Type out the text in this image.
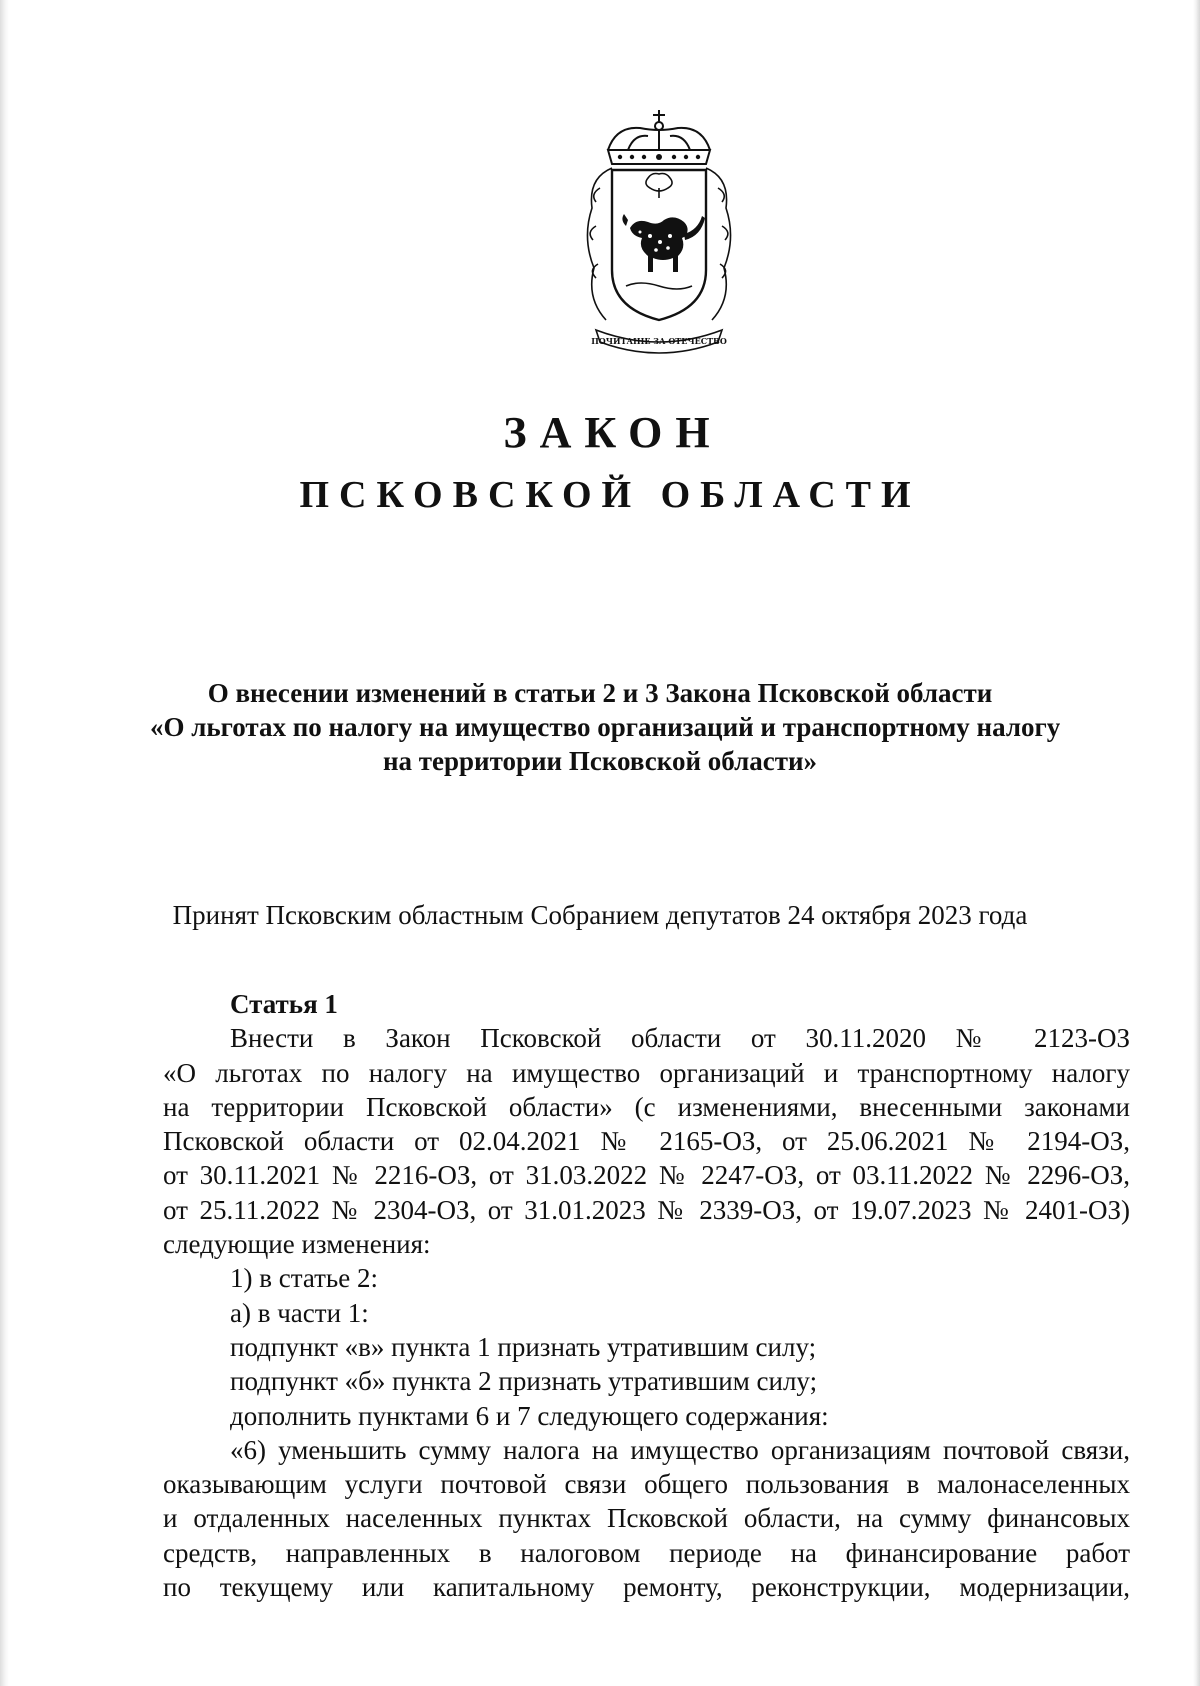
ПОЧИТАНІЕ ЗА ОТЕЧЕСТВО
ЗАКОН
ПСКОВСКОЙ ОБЛАСТИ
О внесении изменений в статьи 2 и 3 Закона Псковской области
«О льготах по налогу на имущество организаций и транспортному налогу
на территории Псковской области»
Принят Псковским областным Собранием депутатов 24 октября 2023 года
Статья 1
Внести в Закон Псковской области от 30.11.2020 № 2123-ОЗ
«О льготах по налогу на имущество организаций и транспортному налогу
на территории Псковской области» (с изменениями, внесенными законами
Псковской области от 02.04.2021 № 2165-ОЗ, от 25.06.2021 № 2194-ОЗ,
от 30.11.2021 № 2216-ОЗ, от 31.03.2022 № 2247-ОЗ, от 03.11.2022 № 2296-ОЗ,
от 25.11.2022 № 2304-ОЗ, от 31.01.2023 № 2339-ОЗ, от 19.07.2023 № 2401-ОЗ)
следующие изменения:
1) в статье 2:
а) в части 1:
подпункт «в» пункта 1 признать утратившим силу;
подпункт «б» пункта 2 признать утратившим силу;
дополнить пунктами 6 и 7 следующего содержания:
«6) уменьшить сумму налога на имущество организациям почтовой связи,
оказывающим услуги почтовой связи общего пользования в малонаселенных
и отдаленных населенных пунктах Псковской области, на сумму финансовых
средств, направленных в налоговом периоде на финансирование работ
по текущему или капитальному ремонту, реконструкции, модернизации,
